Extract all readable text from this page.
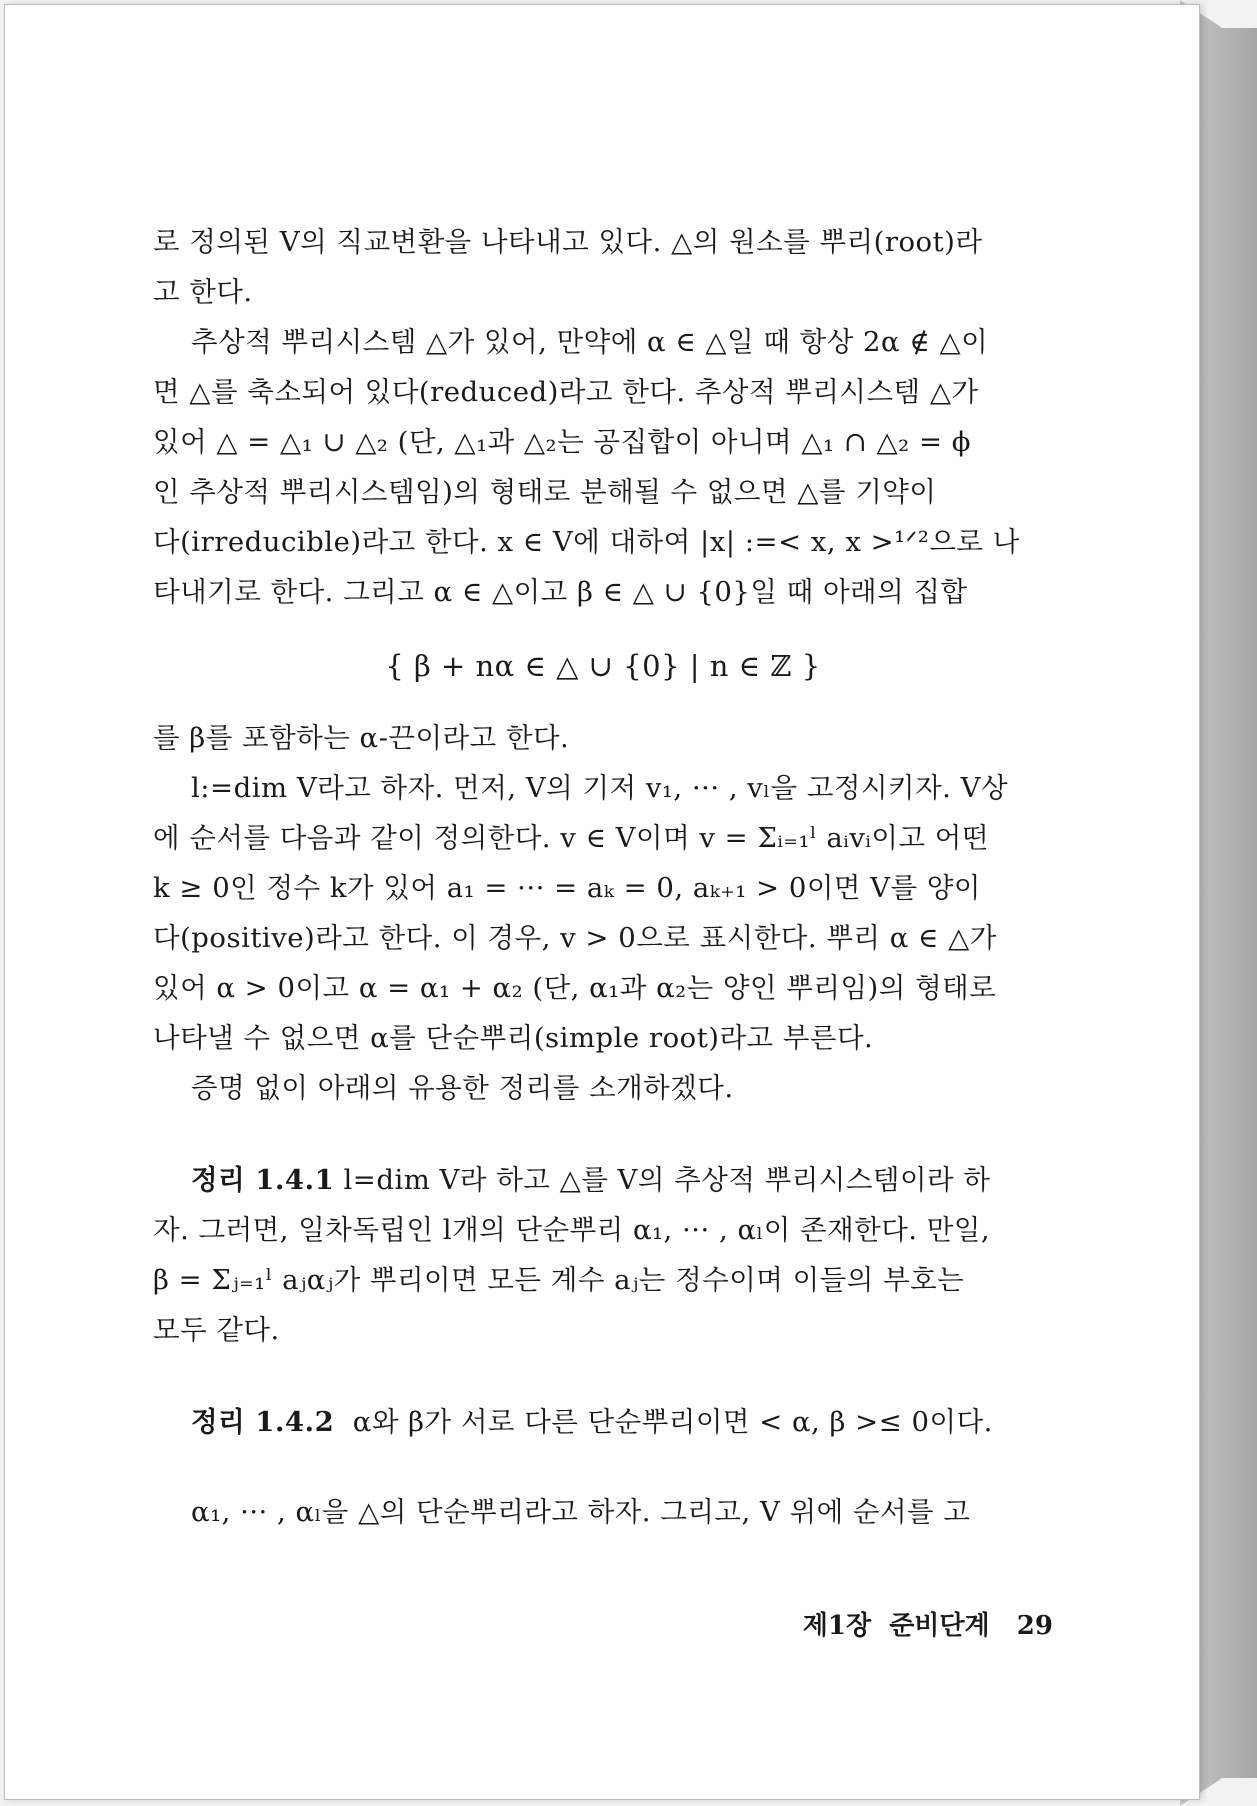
로 정의된 V의 직교변환을 나타내고 있다. △의 원소를 뿌리(root)라
고 한다.
추상적 뿌리시스템 △가 있어, 만약에 α ∈ △일 때 항상 2α ∉ △이
면 △를 축소되어 있다(reduced)라고 한다. 추상적 뿌리시스템 △가
있어 △ = △₁ ∪ △₂ (단, △₁과 △₂는 공집합이 아니며 △₁ ∩ △₂ = ϕ
인 추상적 뿌리시스템임)의 형태로 분해될 수 없으면 △를 기약이
다(irreducible)라고 한다. x ∈ V에 대하여 |x| :=< x, x >¹ᐟ²으로 나
타내기로 한다. 그리고 α ∈ △이고 β ∈ △ ∪ {0}일 때 아래의 집합
{ β + nα ∈ △ ∪ {0} | n ∈ ℤ }
를 β를 포함하는 α-끈이라고 한다.
l:=dim V라고 하자. 먼저, V의 기저 v₁, ··· , vₗ을 고정시키자. V상
에 순서를 다음과 같이 정의한다. v ∈ V이며 v = Σᵢ₌₁ˡ aᵢvᵢ이고 어떤
k ≥ 0인 정수 k가 있어 a₁ = ··· = aₖ = 0, aₖ₊₁ > 0이면 V를 양이
다(positive)라고 한다. 이 경우, v > 0으로 표시한다. 뿌리 α ∈ △가
있어 α > 0이고 α = α₁ + α₂ (단, α₁과 α₂는 양인 뿌리임)의 형태로
나타낼 수 없으면 α를 단순뿌리(simple root)라고 부른다.
증명 없이 아래의 유용한 정리를 소개하겠다.
정리 1.4.1 l=dim V라 하고 △를 V의 추상적 뿌리시스템이라 하
자. 그러면, 일차독립인 l개의 단순뿌리 α₁, ··· , αₗ이 존재한다. 만일,
β = Σⱼ₌₁ˡ aⱼαⱼ가 뿌리이면 모든 계수 aⱼ는 정수이며 이들의 부호는
모두 같다.
정리 1.4.2  α와 β가 서로 다른 단순뿌리이면 < α, β >≤ 0이다.
α₁, ··· , αₗ을 △의 단순뿌리라고 하자. 그리고, V 위에 순서를 고
제1장  준비단계   29
